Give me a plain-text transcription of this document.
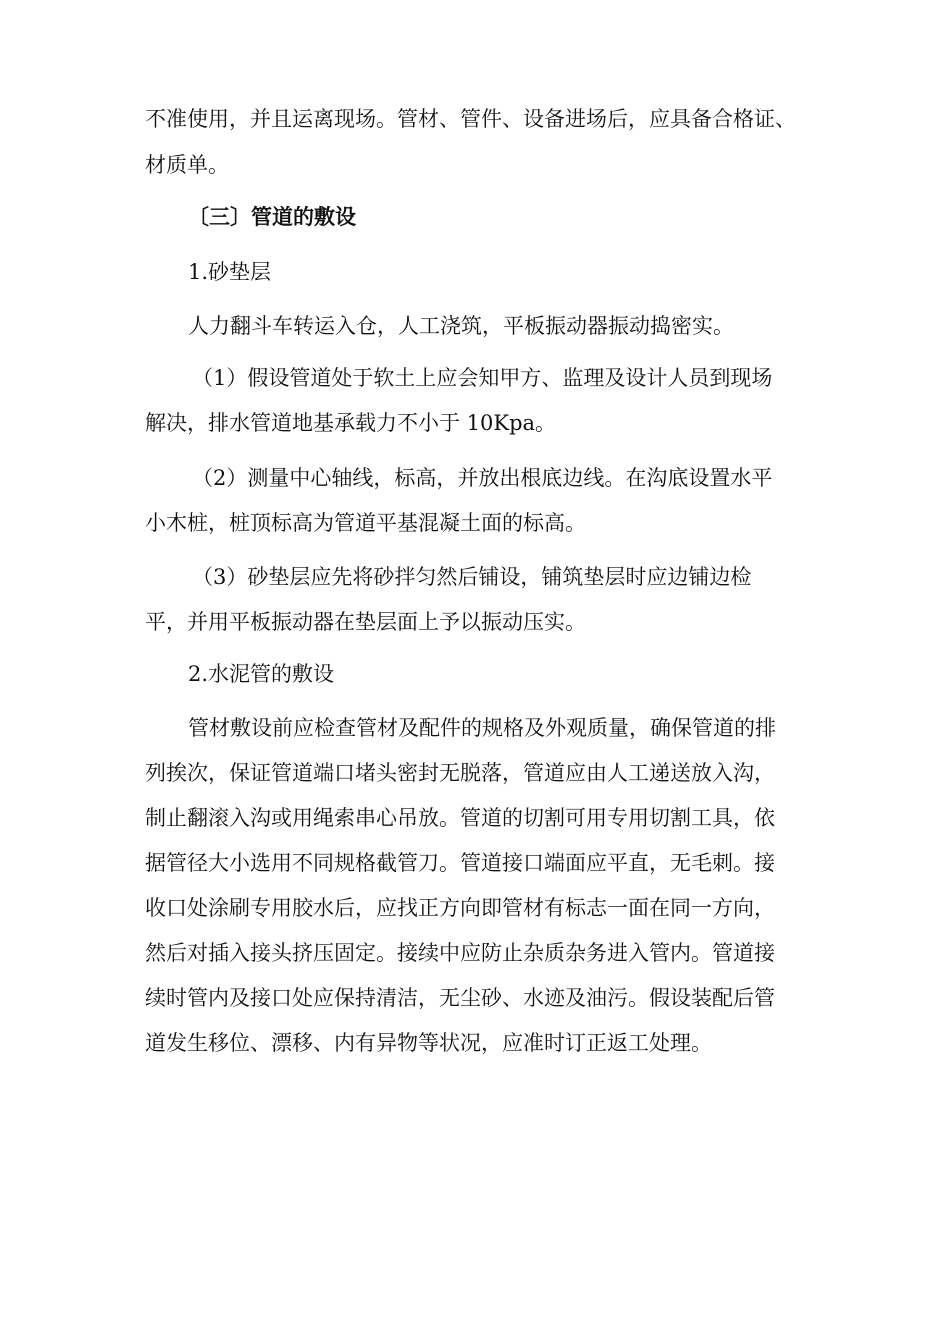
不准使用，并且运离现场。管材、管件、设备进场后，应具备合格证、
材质单。
〔三〕管道的敷设
1.砂垫层
人力翻斗车转运入仓，人工浇筑，平板振动器振动捣密实。
（1）假设管道处于软土上应会知甲方、监理及设计人员到现场
解决，排水管道地基承载力不小于 10Kpa。
（2）测量中心轴线，标高，并放出根底边线。在沟底设置水平
小木桩，桩顶标高为管道平基混凝土面的标高。
（3）砂垫层应先将砂拌匀然后铺设，铺筑垫层时应边铺边检
平，并用平板振动器在垫层面上予以振动压实。
2.水泥管的敷设
管材敷设前应检查管材及配件的规格及外观质量，确保管道的排
列挨次，保证管道端口堵头密封无脱落，管道应由人工递送放入沟，
制止翻滚入沟或用绳索串心吊放。管道的切割可用专用切割工具，依
据管径大小选用不同规格截管刀。管道接口端面应平直，无毛刺。接
收口处涂刷专用胶水后，应找正方向即管材有标志一面在同一方向，
然后对插入接头挤压固定。接续中应防止杂质杂务进入管内。管道接
续时管内及接口处应保持清洁，无尘砂、水迹及油污。假设装配后管
道发生移位、漂移、内有异物等状况，应准时订正返工处理。
